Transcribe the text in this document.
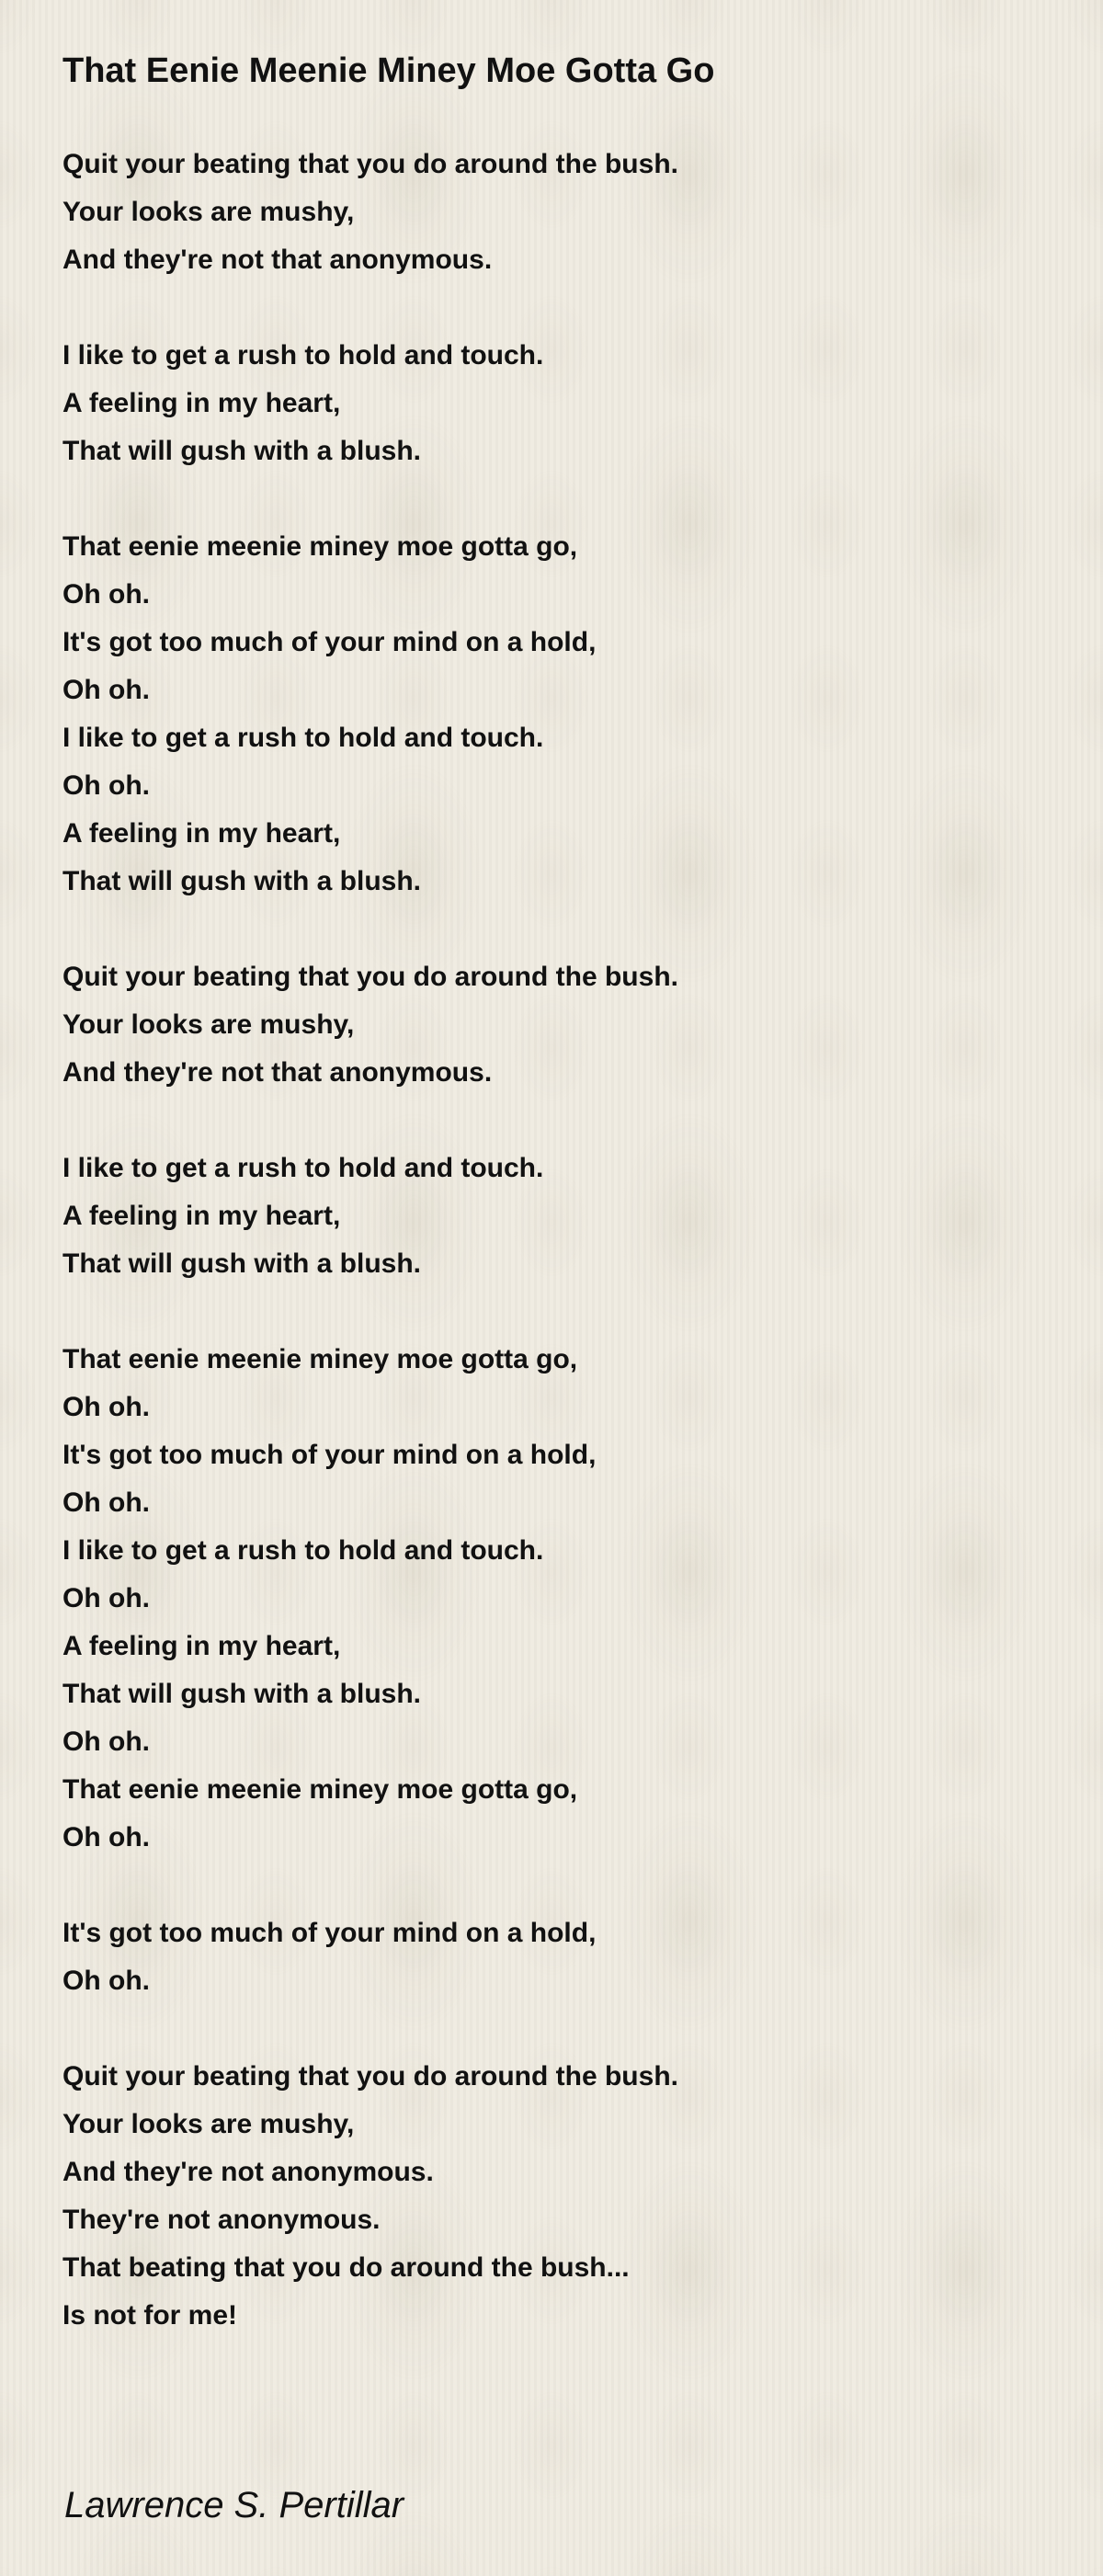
That Eenie Meenie Miney Moe Gotta Go
Quit your beating that you do around the bush.
Your looks are mushy,
And they're not that anonymous.
I like to get a rush to hold and touch.
A feeling in my heart,
That will gush with a blush.
That eenie meenie miney moe gotta go,
Oh oh.
It's got too much of your mind on a hold,
Oh oh.
I like to get a rush to hold and touch.
Oh oh.
A feeling in my heart,
That will gush with a blush.
Quit your beating that you do around the bush.
Your looks are mushy,
And they're not that anonymous.
I like to get a rush to hold and touch.
A feeling in my heart,
That will gush with a blush.
That eenie meenie miney moe gotta go,
Oh oh.
It's got too much of your mind on a hold,
Oh oh.
I like to get a rush to hold and touch.
Oh oh.
A feeling in my heart,
That will gush with a blush.
Oh oh.
That eenie meenie miney moe gotta go,
Oh oh.
It's got too much of your mind on a hold,
Oh oh.
Quit your beating that you do around the bush.
Your looks are mushy,
And they're not anonymous.
They're not anonymous.
That beating that you do around the bush...
Is not for me!
Lawrence S. Pertillar
